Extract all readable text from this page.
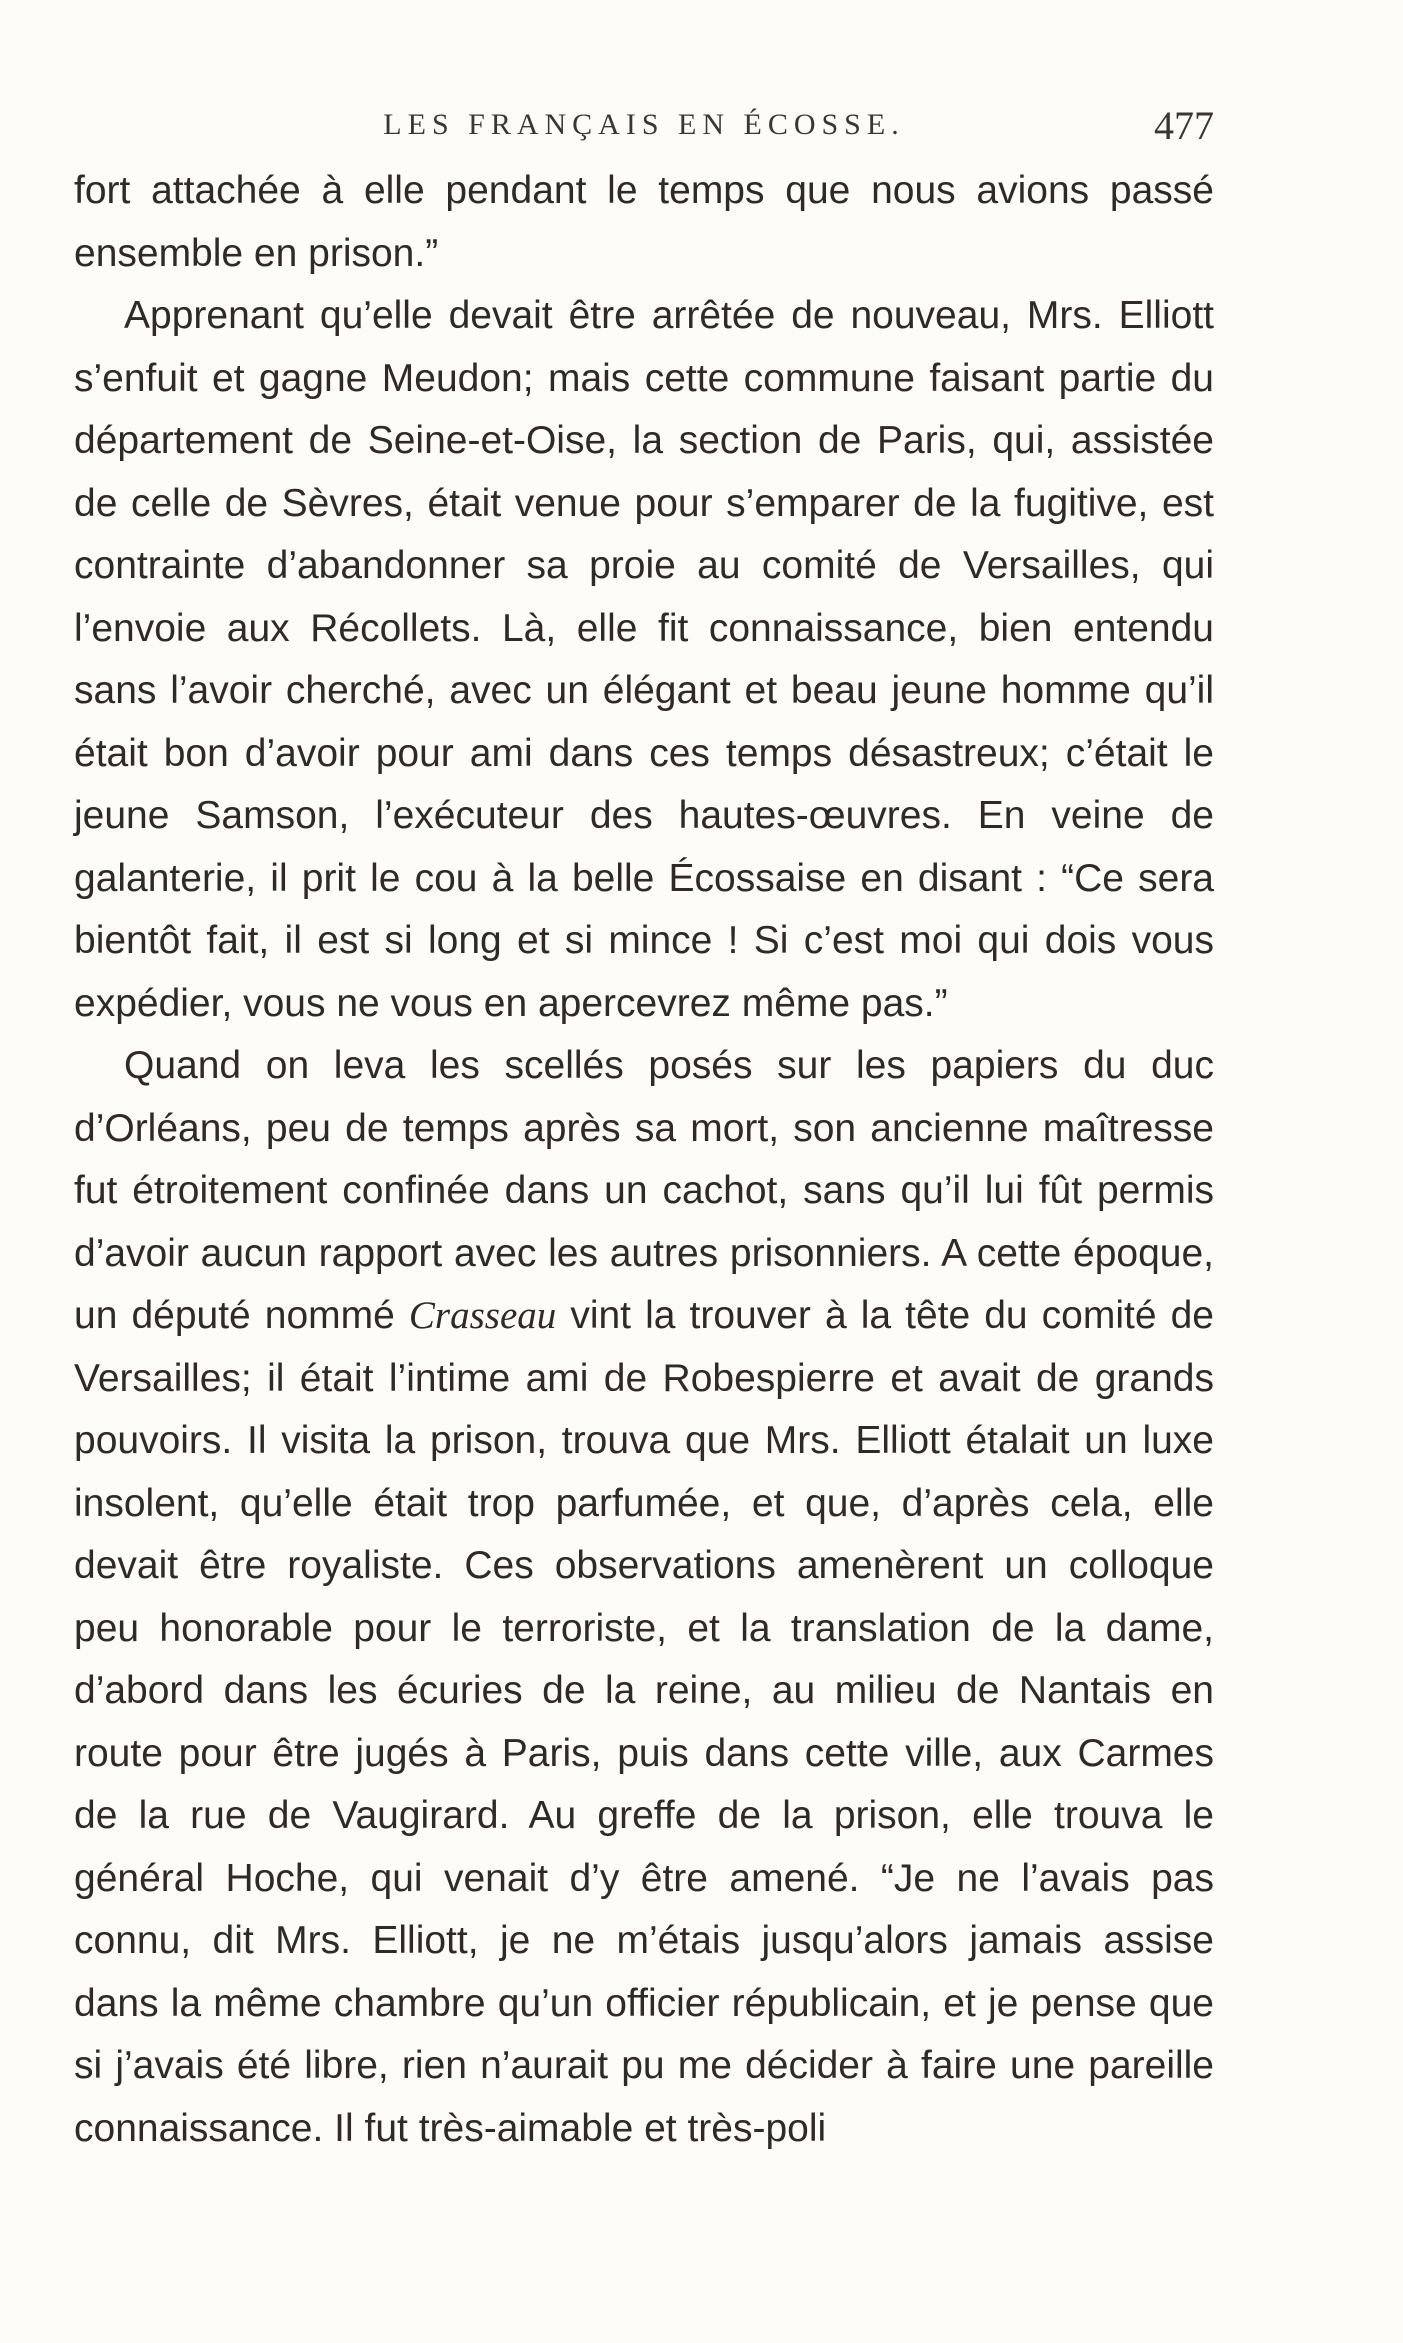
LES FRANÇAIS EN ÉCOSSE.	477

fort attachée à elle pendant le temps que nous avions passé ensemble en prison.”

Apprenant qu’elle devait être arrêtée de nouveau, Mrs. Elliott s’enfuit et gagne Meudon; mais cette commune faisant partie du département de Seine-et-Oise, la section de Paris, qui, assistée de celle de Sèvres, était venue pour s’emparer de la fugitive, est contrainte d’abandonner sa proie au comité de Versailles, qui l’envoie aux Récollets. Là, elle fit connaissance, bien entendu sans l’avoir cherché, avec un élégant et beau jeune homme qu’il était bon d’avoir pour ami dans ces temps désastreux; c’était le jeune Samson, l’exécuteur des hautes-œuvres. En veine de galanterie, il prit le cou à la belle Écossaise en disant : “Ce sera bientôt fait, il est si long et si mince ! Si c’est moi qui dois vous expédier, vous ne vous en apercevrez même pas.”

Quand on leva les scellés posés sur les papiers du duc d’Orléans, peu de temps après sa mort, son ancienne maîtresse fut étroitement confinée dans un cachot, sans qu’il lui fût permis d’avoir aucun rapport avec les autres prisonniers. A cette époque, un député nommé Crasseau vint la trouver à la tête du comité de Versailles; il était l’intime ami de Robespierre et avait de grands pouvoirs. Il visita la prison, trouva que Mrs. Elliott étalait un luxe insolent, qu’elle était trop parfumée, et que, d’après cela, elle devait être royaliste. Ces observations amenèrent un colloque peu honorable pour le terroriste, et la translation de la dame, d’abord dans les écuries de la reine, au milieu de Nantais en route pour être jugés à Paris, puis dans cette ville, aux Carmes de la rue de Vaugirard. Au greffe de la prison, elle trouva le général Hoche, qui venait d’y être amené. “Je ne l’avais pas connu, dit Mrs. Elliott, je ne m’étais jusqu’alors jamais assise dans la même chambre qu’un officier républicain, et je pense que si j’avais été libre, rien n’aurait pu me décider à faire une pareille connaissance. Il fut très-aimable et très-poli
